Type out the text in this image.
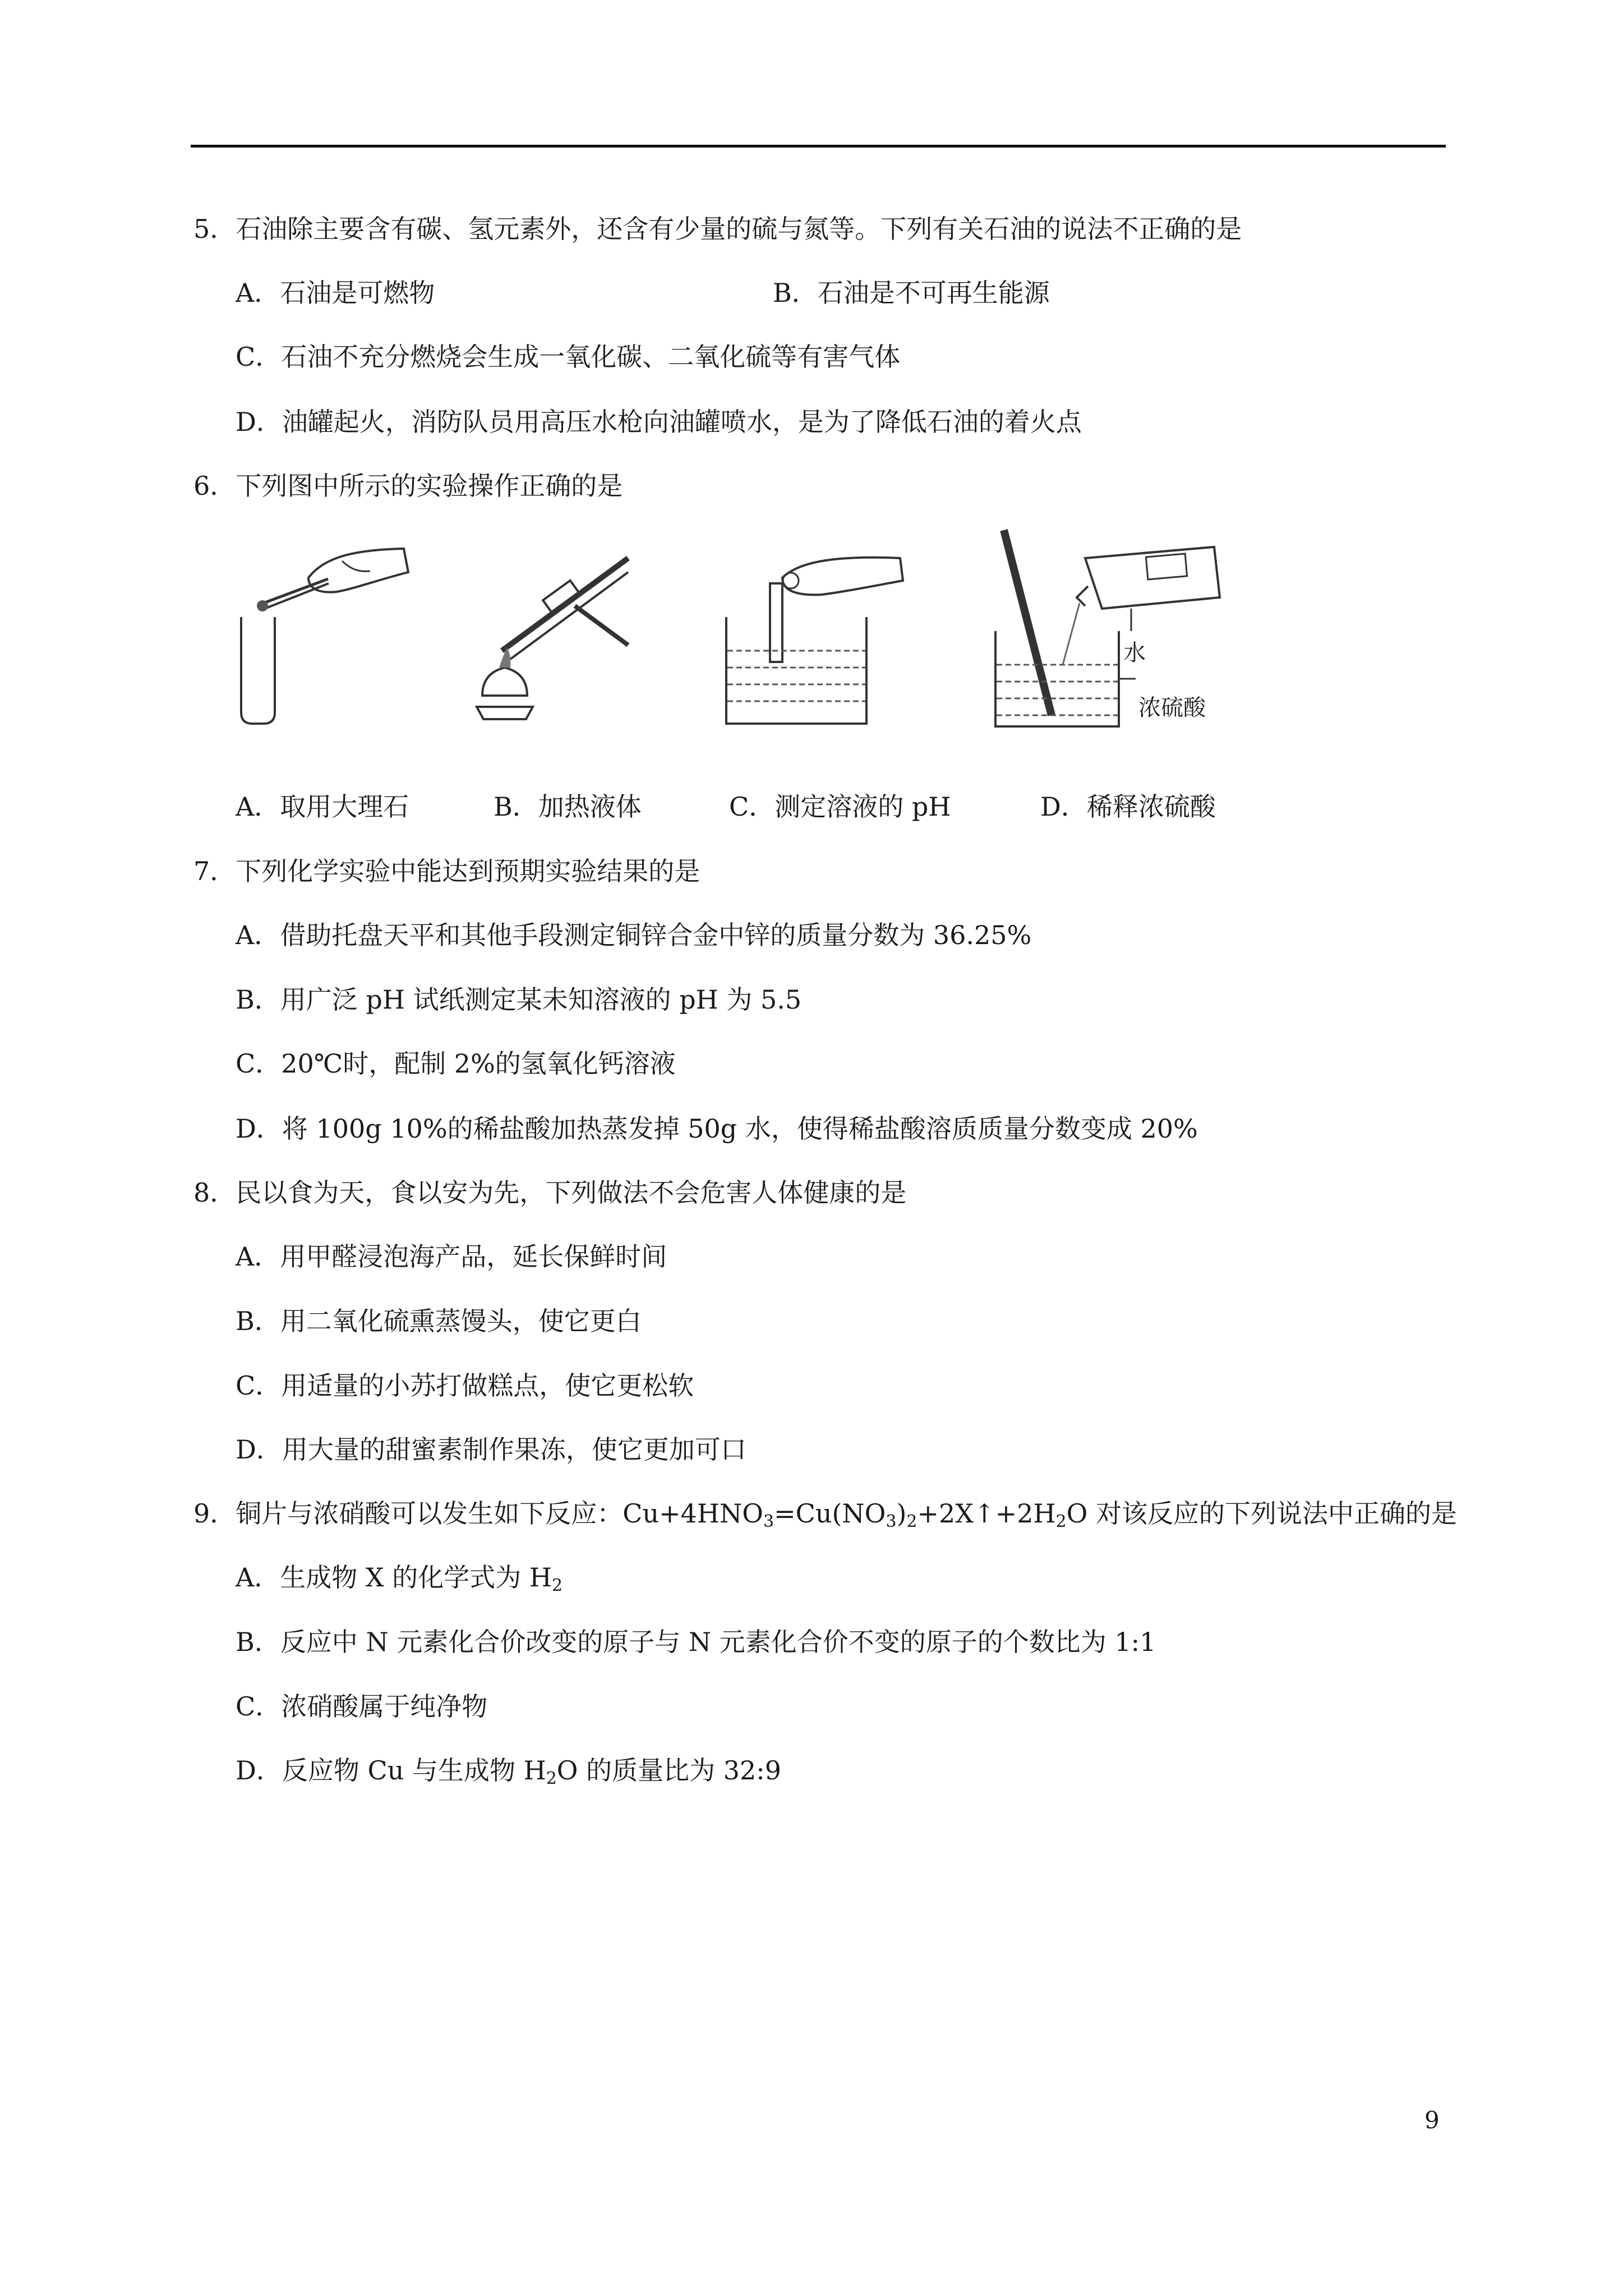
5．石油除主要含有碳、氢元素外，还含有少量的硫与氮等。下列有关石油的说法不正确的是
A．石油是可燃物	B．石油是不可再生能源
C．石油不充分燃烧会生成一氧化碳、二氧化硫等有害气体
D．油罐起火，消防队员用高压水枪向油罐喷水，是为了降低石油的着火点
6．下列图中所示的实验操作正确的是
水
浓硫酸
A．取用大理石	B．加热液体	C．测定溶液的 pH	D．稀释浓硫酸
7．下列化学实验中能达到预期实验结果的是
A．借助托盘天平和其他手段测定铜锌合金中锌的质量分数为 36.25%
B．用广泛 pH 试纸测定某未知溶液的 pH 为 5.5
C．20℃时，配制 2%的氢氧化钙溶液
D．将 100g 10%的稀盐酸加热蒸发掉 50g 水，使得稀盐酸溶质质量分数变成 20%
8．民以食为天，食以安为先，下列做法不会危害人体健康的是
A．用甲醛浸泡海产品，延长保鲜时间
B．用二氧化硫熏蒸馒头，使它更白
C．用适量的小苏打做糕点，使它更松软
D．用大量的甜蜜素制作果冻，使它更加可口
9．铜片与浓硝酸可以发生如下反应：$Cu+4HNO_3=Cu(NO_3)_2+2X↑+2H_2O$ 对该反应的下列说法中正确的是
A．生成物 X 的化学式为 $H_2$
B．反应中 N 元素化合价改变的原子与 N 元素化合价不变的原子的个数比为 1:1
C．浓硝酸属于纯净物
D．反应物 Cu 与生成物 $H_2O$ 的质量比为 32:9
9
